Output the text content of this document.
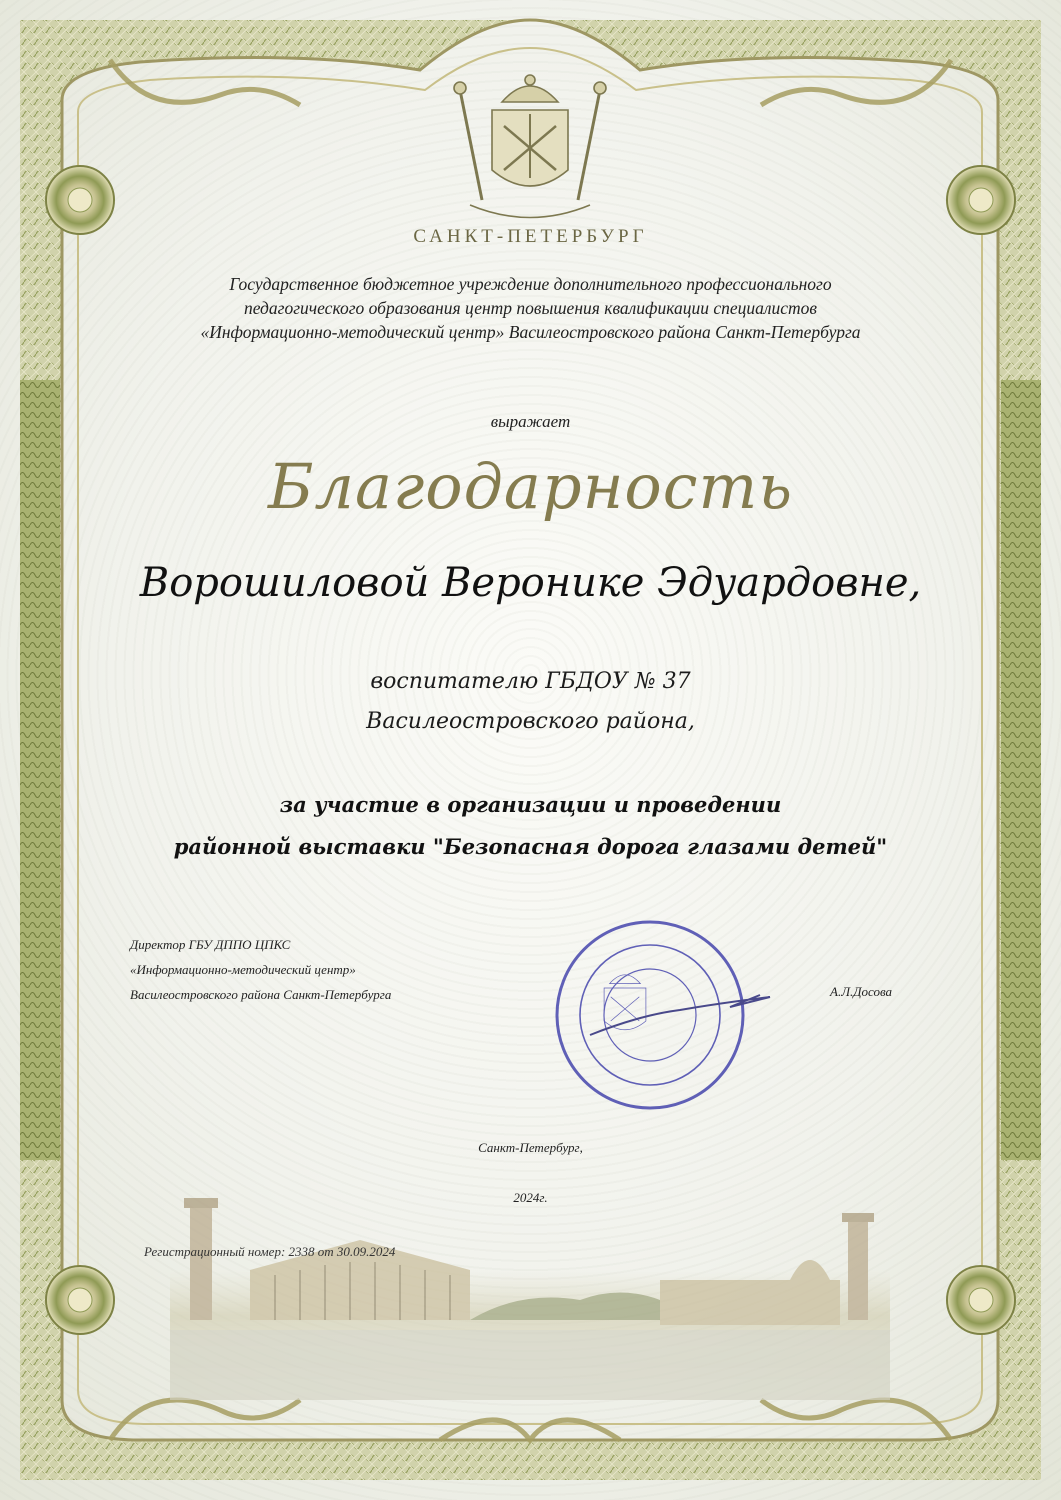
САНКТ-ПЕТЕРБУРГ
Государственное бюджетное учреждение дополнительного профессионального
педагогического образования центр повышения квалификации специалистов
«Информационно-методический центр» Василеостровского района Санкт-Петербурга
выражает
Благодарность
Ворошиловой Веронике Эдуардовне,
воспитателю ГБДОУ № 37
Василеостровского района,
за участие в организации и проведении
районной выставки "Безопасная дорога глазами детей"
Директор ГБУ ДППО ЦПКС
«Информационно-методический центр»
Василеостровского района Санкт-Петербурга	А.Л.Досова
Санкт-Петербург,
2024г.
Регистрационный номер: 2338 от 30.09.2024
